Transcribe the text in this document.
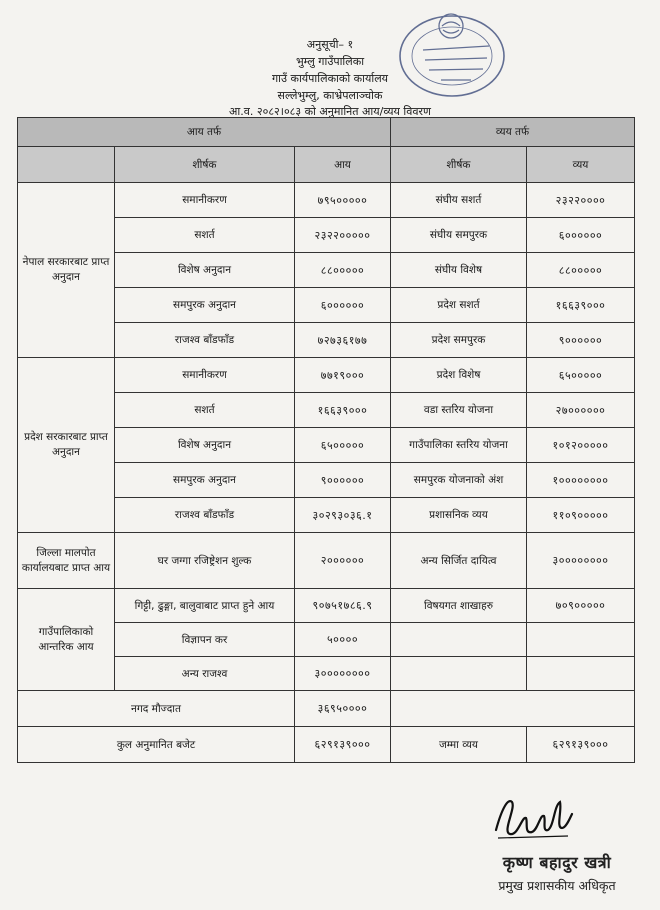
अनुसूची– १
भुम्लु गाउँपालिका
गाउँ कार्यपालिकाको कार्यालय
सल्लेभुम्लु, काभ्रेपलाञ्चोक
आ.व. २०८२।०८३ को अनुमानित आय/व्यय विवरण
आय तर्फ			व्यय तर्फ	
	शीर्षक	आय	शीर्षक	व्यय
नेपाल सरकारबाट प्राप्त अनुदान	समानीकरण	७९५०००००	संघीय सशर्त	२३२२००००
	सशर्त	२३२२०००००	संघीय समपुरक	६००००००
	विशेष अनुदान	८८०००००	संघीय विशेष	८८०००००
	समपुरक अनुदान	६००००००	प्रदेश सशर्त	१६६३९०००
	राजश्व बाँडफाँड	७२७३६१७७	प्रदेश समपुरक	९००००००
प्रदेश सरकारबाट प्राप्त अनुदान	समानीकरण	७७१९०००	प्रदेश विशेष	६५०००००
	सशर्त	१६६३९०००	वडा स्तरिय योजना	२७००००००
	विशेष अनुदान	६५०००००	गाउँपालिका स्तरिय योजना	१०१२०००००
	समपुरक अनुदान	९००००००	समपुरक योजनाको अंश	१००००००००
	राजश्व बाँडफाँड	३०२९३०३६.१	प्रशासनिक व्यय	११०९०००००
जिल्ला मालपोत कार्यालयबाट प्राप्त आय	घर जग्गा रजिष्ट्रेशन शुल्क	२००००००	अन्य सिर्जित दायित्व	३००००००००
गाउँपालिकाको आन्तरिक आय	गिट्टी, ढुङ्गा, बालुवाबाट प्राप्त हुने आय	९०७५१७८६.९	विषयगत शाखाहरु	७०९०००००
	विज्ञापन कर	५००००		
	अन्य राजश्व	३००००००००		
नगद मौज्दात		३६९५००००		
कुल अनुमानित बजेट		६२९१३९०००	जम्मा व्यय	६२९१३९०००
कृष्ण बहादुर खत्री
प्रमुख प्रशासकीय अधिकृत
